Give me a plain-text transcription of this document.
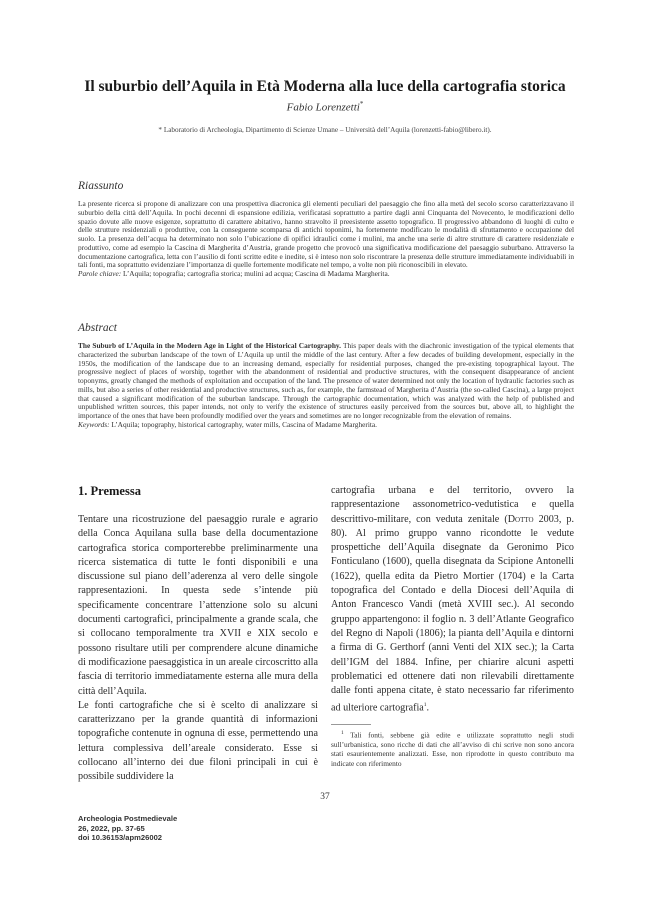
Il suburbio dell’Aquila in Età Moderna alla luce della cartografia storica
Fabio Lorenzetti*
* Laboratorio di Archeologia, Dipartimento di Scienze Umane – Università dell’Aquila (lorenzetti-fabio@libero.it).
Riassunto

La presente ricerca si propone di analizzare con una prospettiva diacronica gli elementi peculiari del paesaggio che fino alla metà del secolo scorso caratterizzavano il suburbio della città dell’Aquila. In pochi decenni di espansione edilizia, verificatasi soprattutto a partire dagli anni Cinquanta del Novecento, le modificazioni dello spazio dovute alle nuove esigenze, soprattutto di carattere abitativo, hanno stravolto il preesistente assetto topografico. Il progressivo abbandono di luoghi di culto e delle strutture residenziali o produttive, con la conseguente scomparsa di antichi toponimi, ha fortemente modificato le modalità di sfruttamento e occupazione del suolo. La presenza dell’acqua ha determinato non solo l’ubicazione di opifici idraulici come i mulini, ma anche una serie di altre strutture di carattere residenziale e produttivo, come ad esempio la Cascina di Margherita d’Austria, grande progetto che provocò una significativa modificazione del paesaggio suburbano. Attraverso la documentazione cartografica, letta con l’ausilio di fonti scritte edite e inedite, si è inteso non solo riscontrare la presenza delle strutture immediatamente individuabili in tali fonti, ma soprattutto evidenziare l’importanza di quelle fortemente modificate nel tempo, a volte non più riconoscibili in elevato.

Parole chiave: L’Aquila; topografia; cartografia storica; mulini ad acqua; Cascina di Madama Margherita.

Abstract

The Suburb of L’Aquila in the Modern Age in Light of the Historical Cartography. This paper deals with the diachronic investigation of the typical elements that characterized the suburban landscape of the town of L’Aquila up until the middle of the last century. After a few decades of building development, especially in the 1950s, the modification of the landscape due to an increasing demand, especially for residential purposes, changed the pre-existing topographical layout. The progressive neglect of places of worship, together with the abandonment of residential and productive structures, with the consequent disappearance of ancient toponyms, greatly changed the methods of exploitation and occupation of the land. The presence of water determined not only the location of hydraulic factories such as mills, but also a series of other residential and productive structures, such as, for example, the farmstead of Margherita d’Austria (the so-called Cascina), a large project that caused a significant modification of the suburban landscape. Through the cartographic documentation, which was analyzed with the help of published and unpublished written sources, this paper intends, not only to verify the existence of structures easily perceived from the sources but, above all, to highlight the importance of the ones that have been profoundly modified over the years and sometimes are no longer recognizable from the elevation of remains.

Keywords: L’Aquila; topography, historical cartography, water mills, Cascina of Madame Margherita.

1. Premessa

Tentare una ricostruzione del paesaggio rurale e agrario della Conca Aquilana sulla base della documentazione cartografica storica comporterebbe preliminarmente una ricerca sistematica di tutte le fonti disponibili e una discussione sul piano dell’aderenza al vero delle singole rappresentazioni. In questa sede s’intende più specificamente concentrare l’attenzione solo su alcuni documenti cartografici, principalmente a grande scala, che si collocano temporalmente tra XVII e XIX secolo e possono risultare utili per comprendere alcune dinamiche di modificazione paesaggistica in un areale circoscritto alla fascia di territorio immediatamente esterna alle mura della città dell’Aquila.

Le fonti cartografiche che si è scelto di analizzare si caratterizzano per la grande quantità di informazioni topografiche contenute in ognuna di esse, permettendo una lettura complessiva dell’areale considerato. Esse si collocano all’interno dei due filoni principali in cui è possibile suddividere la

cartografia urbana e del territorio, ovvero la rappresentazione assonometrico-vedutistica e quella descrittivo-militare, con veduta zenitale (Dotto 2003, p. 80). Al primo gruppo vanno ricondotte le vedute prospettiche dell’Aquila disegnate da Geronimo Pico Fonticulano (1600), quella disegnata da Scipione Antonelli (1622), quella edita da Pietro Mortier (1704) e la Carta topografica del Contado e della Diocesi dell’Aquila di Anton Francesco Vandi (metà XVIII sec.). Al secondo gruppo appartengono: il foglio n. 3 dell’Atlante Geografico del Regno di Napoli (1806); la pianta dell’Aquila e dintorni a firma di G. Gerthorf (anni Venti del XIX sec.); la Carta dell’IGM del 1884. Infine, per chiarire alcuni aspetti problematici ed ottenere dati non rilevabili direttamente dalle fonti appena citate, è stato necessario far riferimento ad ulteriore cartografia$^1$.

$^1$ Tali fonti, sebbene già edite e utilizzate soprattutto negli studi sull’urbanistica, sono ricche di dati che all’avviso di chi scrive non sono ancora stati esaurientemente analizzati. Esse, non riprodotte in questo contributo ma indicate con riferimento
37
Archeologia Postmedievale
26, 2022, pp. 37-65
doi 10.36153/apm26002
